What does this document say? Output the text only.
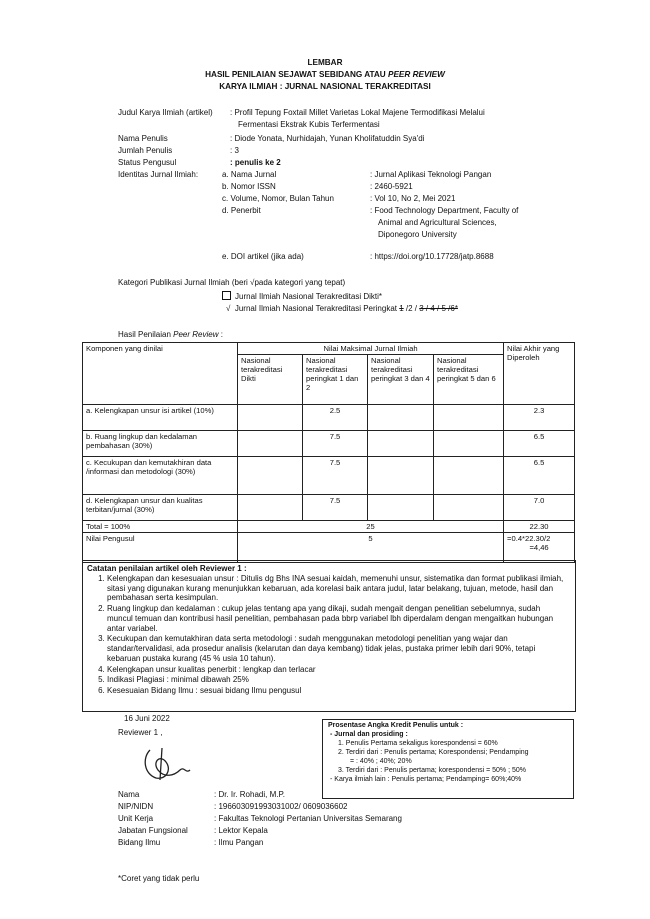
LEMBAR
HASIL PENILAIAN SEJAWAT SEBIDANG ATAU PEER REVIEW
KARYA ILMIAH : JURNAL NASIONAL TERAKREDITASI
Judul Karya Ilmiah (artikel) : Profil Tepung Foxtail Millet Varietas Lokal Majene Termodifikasi Melalui
Fermentasi Ekstrak Kubis Terfermentasi
Nama Penulis	: Diode Yonata, Nurhidajah, Yunan Kholifatuddin Sya'di
Jumlah Penulis	: 3
Status Pengusul	: penulis ke 2
Identitas Jurnal Ilmiah:	a. Nama Jurnal	: Jurnal Aplikasi Teknologi Pangan
b. Nomor ISSN	: 2460-5921
c. Volume, Nomor, Bulan Tahun	: Vol 10, No 2, Mei 2021
d. Penerbit	: Food Technology Department, Faculty of
Animal and Agricultural Sciences,
Diponegoro University
e. DOI artikel (jika ada)	: https://doi.org/10.17728/jatp.8688
Kategori Publikasi Jurnal Ilmiah (beri √pada kategori yang tepat)
Jurnal Ilmiah Nasional Terakreditasi Dikti*
√ Jurnal Ilmiah Nasional Terakreditasi Peringkat 1 /2 / 3 / 4 / 5 /6*
Hasil Penilaian Peer Review :
Komponen yang dinilai	Nilai Maksimal Jurnal Ilmiah				Nilai Akhir yang Diperoleh
	Nasional terakreditasi Dikti	Nasional terakreditasi peringkat 1 dan 2	Nasional terakreditasi peringkat 3 dan 4	Nasional terakreditasi peringkat 5 dan 6	
a. Kelengkapan unsur isi artikel (10%)		2.5			2.3
b. Ruang lingkup dan kedalaman pembahasan (30%)		7.5			6.5
c. Kecukupan dan kemutakhiran data /informasi dan metodologi (30%)		7.5			6.5
d. Kelengkapan unsur dan kualitas terbitan/jurnal (30%)		7.5			7.0
Total = 100%	25				22.30
Nilai Pengusul	5				=0.4*22.30/2
=4,46
Catatan penilaian artikel oleh Reviewer 1 :
1. Kelengkapan dan kesesuaian unsur : Ditulis dg Bhs INA sesuai kaidah, memenuhi unsur, sistematika dan format publikasi ilmiah, sitasi yang digunakan kurang menunjukkan kebaruan, ada korelasi baik antara judul, latar belakang, tujuan, metode, hasil dan pembahasan serta kesimpulan.
2. Ruang lingkup dan kedalaman : cukup jelas tentang apa yang dikaji, sudah mengait dengan penelitian sebelumnya, sudah muncul temuan dan kontribusi hasil penelitian, pembahasan pada bbrp variabel lbh diperdalam dengan mengaitkan hubungan antar variabel.
3. Kecukupan dan kemutakhiran data serta metodologi : sudah menggunakan metodologi penelitian yang wajar dan standar/tervalidasi, ada prosedur analisis (kelarutan dan daya kembang) tidak jelas, pustaka primer lebih dari 90%, tetapi kebaruan pustaka kurang (45 % usia 10 tahun).
4. Kelengkapan unsur kualitas penerbit : lengkap dan terlacar
5. Indikasi Plagiasi : minimal dibawah 25%
6. Kesesuaian Bidang Ilmu : sesuai bidang Ilmu pengusul
16 Juni 2022
Reviewer 1 ,
Nama	: Dr. Ir. Rohadi, M.P.
NIP/NIDN	: 196603091993031002/ 0609036602
Unit Kerja	: Fakultas Teknologi Pertanian Universitas Semarang
Jabatan Fungsional	: Lektor Kepala
Bidang Ilmu	: Ilmu Pangan
Prosentase Angka Kredit Penulis untuk :
- Jurnal dan prosiding :
1. Penulis Pertama sekaligus korespondensi = 60%
2. Terdiri dari : Penulis pertama; Korespondensi; Pendamping
= : 40% ; 40%; 20%
3. Terdiri dari : Penulis pertama; korespondensi = 50% ; 50%
- Karya ilmiah lain : Penulis pertama; Pendamping= 60%;40%
*Coret yang tidak perlu
